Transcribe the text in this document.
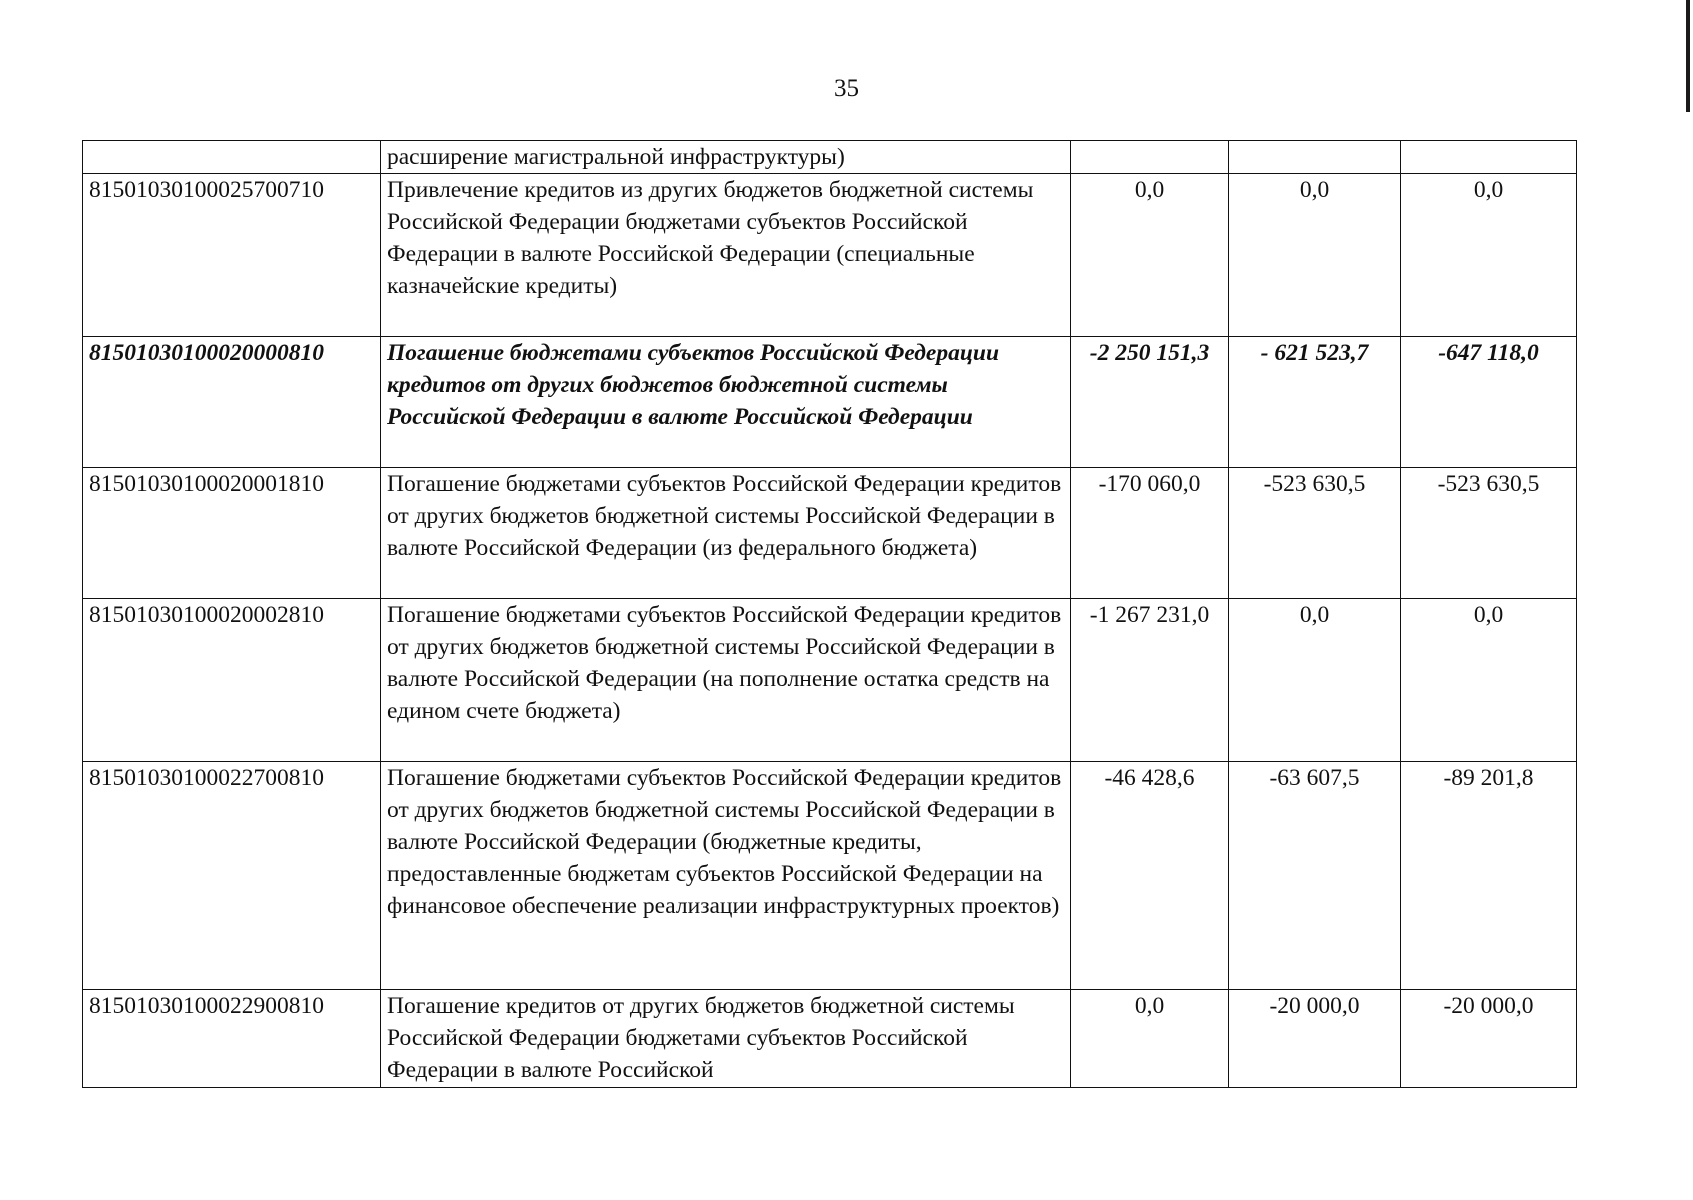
35
	расширение магистральной инфраструктуры)			
81501030100025700710	Привлечение кредитов из других бюджетов бюджетной системы Российской Федерации бюджетами субъектов Российской Федерации в валюте Российской Федерации (специальные казначейские кредиты)	0,0	0,0	0,0
81501030100020000810	Погашение бюджетами субъектов Российской Федерации кредитов от других бюджетов бюджетной системы Российской Федерации в валюте Российской Федерации	-2 250 151,3	- 621 523,7	-647 118,0
81501030100020001810	Погашение бюджетами субъектов Российской Федерации кредитов от других бюджетов бюджетной системы Российской Федерации в валюте Российской Федерации (из федерального бюджета)	-170 060,0	-523 630,5	-523 630,5
81501030100020002810	Погашение бюджетами субъектов Российской Федерации кредитов от других бюджетов бюджетной системы Российской Федерации в валюте Российской Федерации (на пополнение остатка средств на едином счете бюджета)	-1 267 231,0	0,0	0,0
81501030100022700810	Погашение бюджетами субъектов Российской Федерации кредитов от других бюджетов бюджетной системы Российской Федерации в валюте Российской Федерации (бюджетные кредиты, предоставленные бюджетам субъектов Российской Федерации на финансовое обеспечение реализации инфраструктурных проектов)	-46 428,6	-63 607,5	-89 201,8
81501030100022900810	Погашение кредитов от других бюджетов бюджетной системы Российской Федерации бюджетами субъектов Российской Федерации в валюте Российской	0,0	-20 000,0	-20 000,0
